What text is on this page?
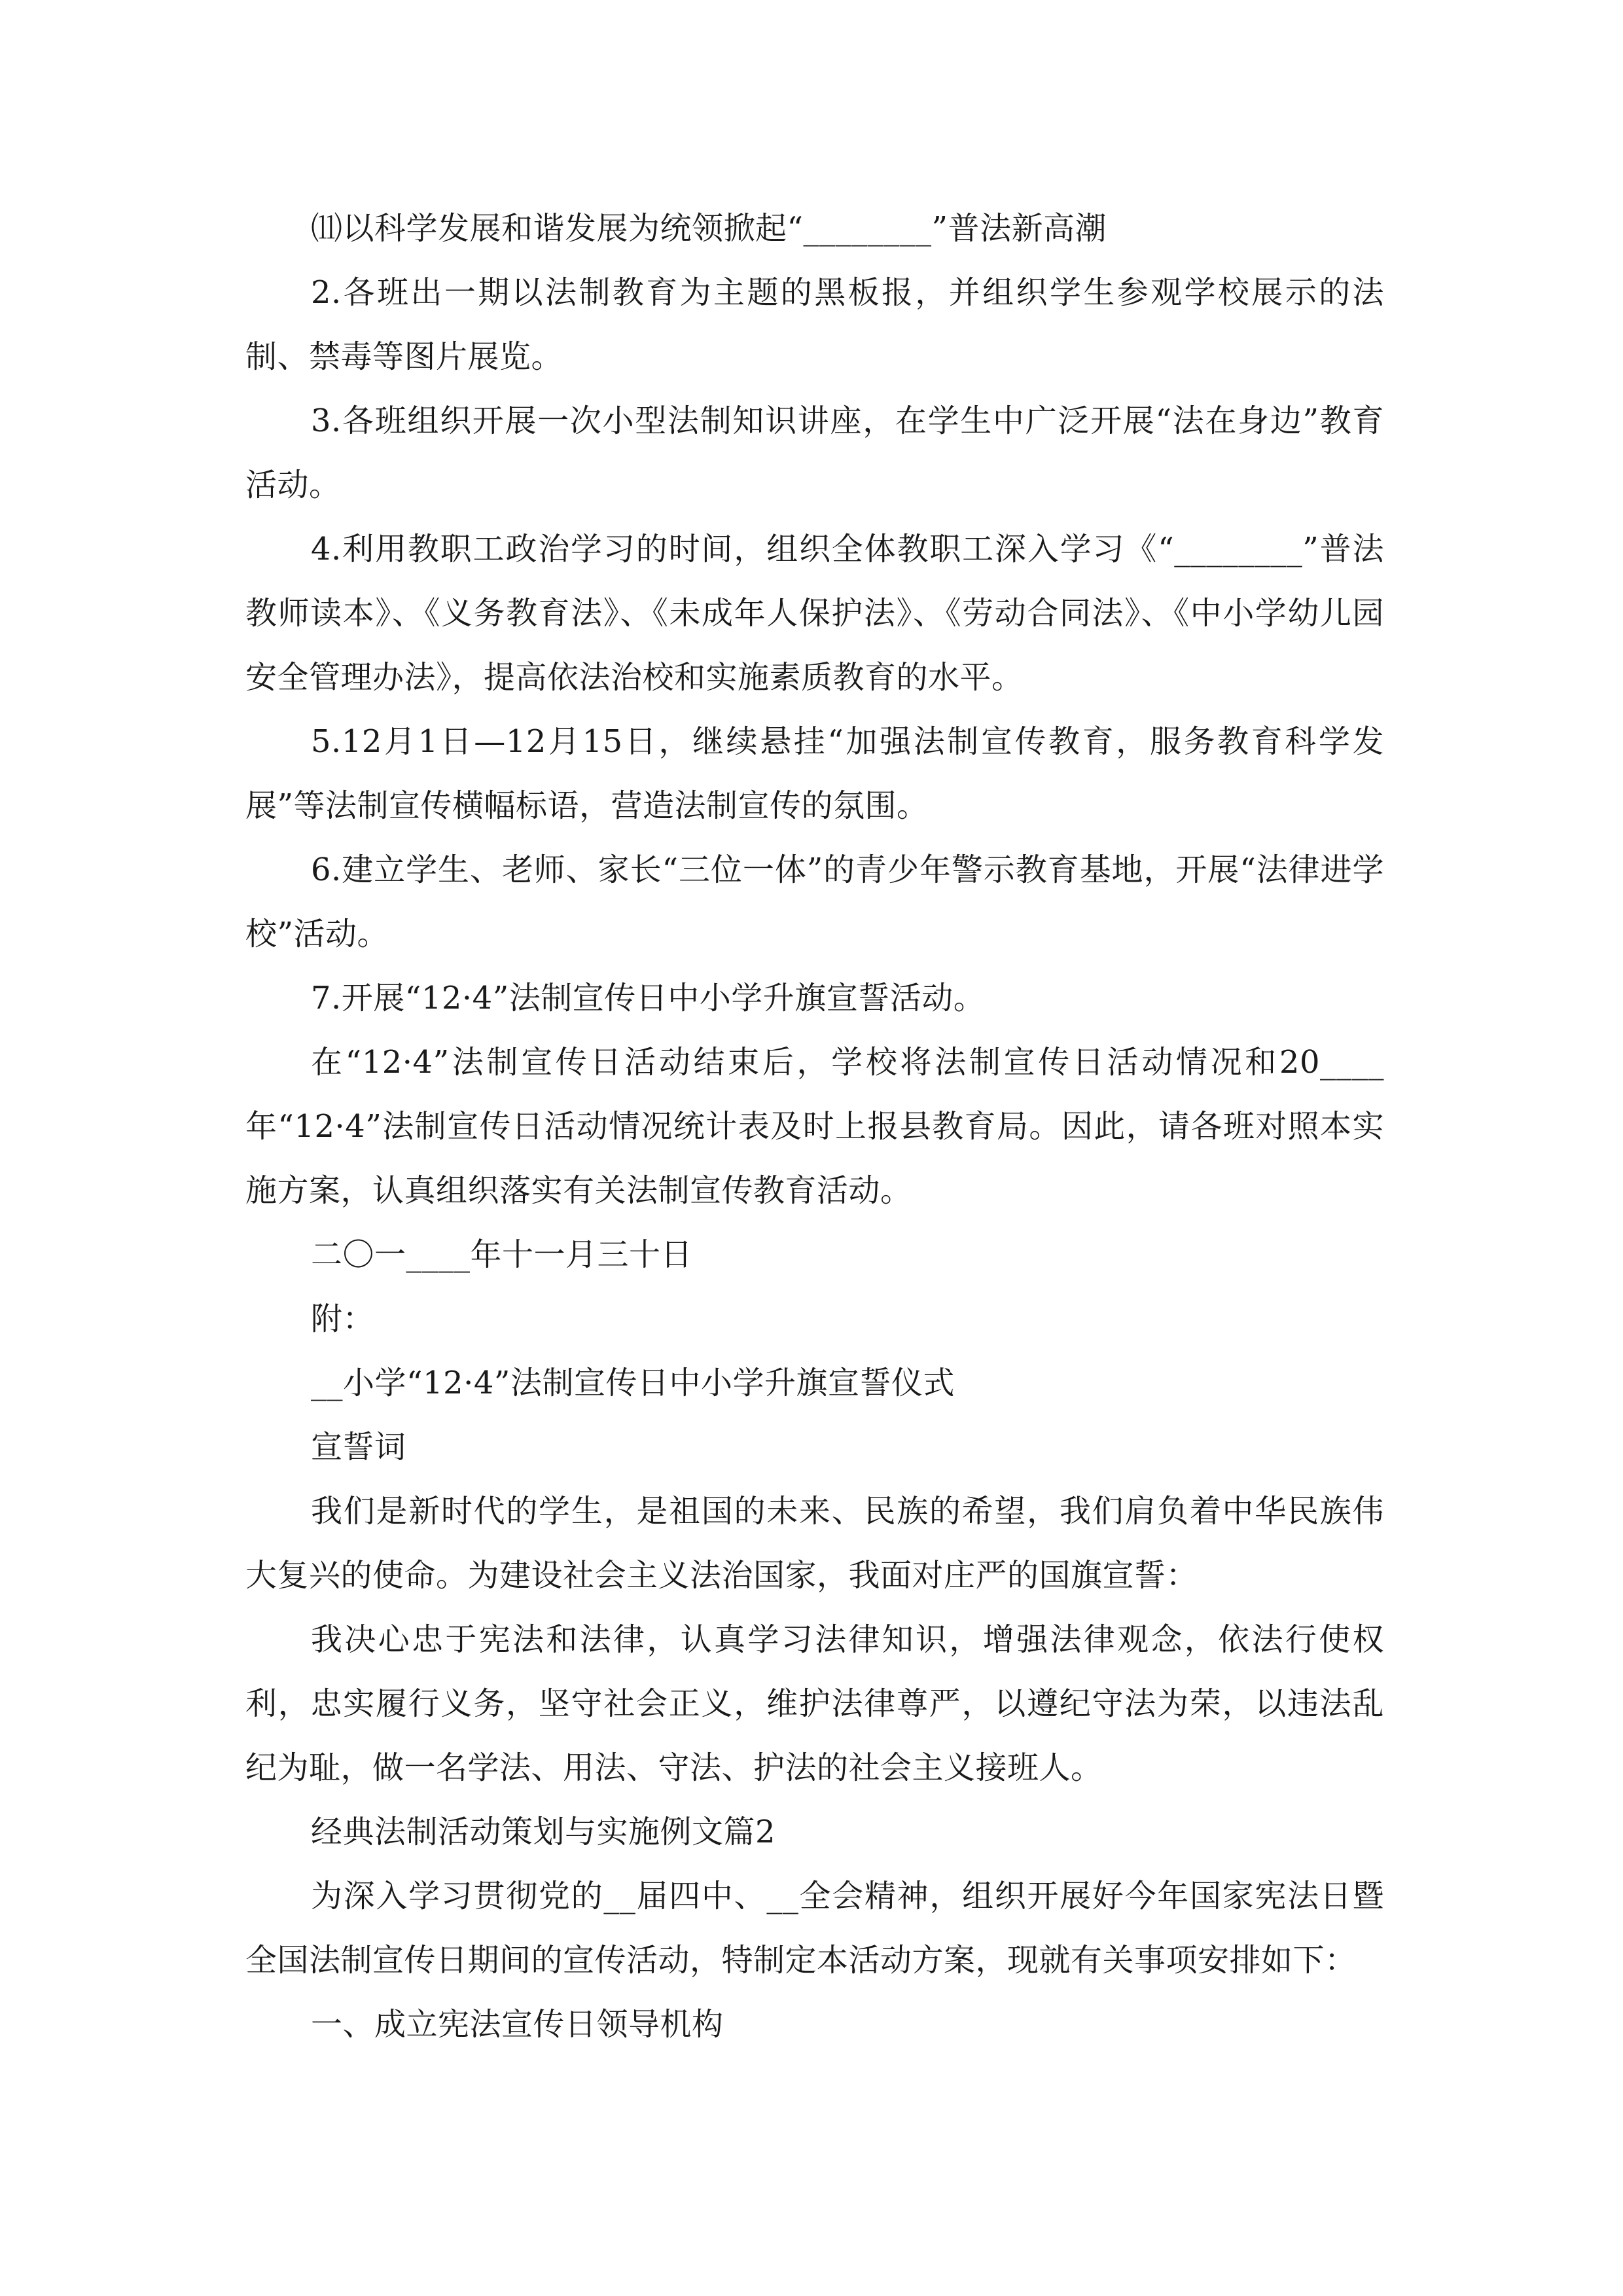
⑾以科学发展和谐发展为统领掀起“________”普法新高潮

2.各班出一期以法制教育为主题的黑板报，并组织学生参观学校展示的法制、禁毒等图片展览。

3.各班组织开展一次小型法制知识讲座，在学生中广泛开展“法在身边”教育活动。

4.利用教职工政治学习的时间，组织全体教职工深入学习《“________”普法教师读本》、《义务教育法》、《未成年人保护法》、《劳动合同法》、《中小学幼儿园安全管理办法》，提高依法治校和实施素质教育的水平。

5.12月1日—12月15日，继续悬挂“加强法制宣传教育，服务教育科学发展”等法制宣传横幅标语，营造法制宣传的氛围。

6.建立学生、老师、家长“三位一体”的青少年警示教育基地，开展“法律进学校”活动。

7.开展“12·4”法制宣传日中小学升旗宣誓活动。

在“12·4”法制宣传日活动结束后，学校将法制宣传日活动情况和20____年“12·4”法制宣传日活动情况统计表及时上报县教育局。因此，请各班对照本实施方案，认真组织落实有关法制宣传教育活动。

二〇一____年十一月三十日

附：

__小学“12·4”法制宣传日中小学升旗宣誓仪式

宣誓词

我们是新时代的学生，是祖国的未来、民族的希望，我们肩负着中华民族伟大复兴的使命。为建设社会主义法治国家，我面对庄严的国旗宣誓：

我决心忠于宪法和法律，认真学习法律知识，增强法律观念，依法行使权利，忠实履行义务，坚守社会正义，维护法律尊严，以遵纪守法为荣，以违法乱纪为耻，做一名学法、用法、守法、护法的社会主义接班人。

经典法制活动策划与实施例文篇2

为深入学习贯彻党的__届四中、__全会精神，组织开展好今年国家宪法日暨全国法制宣传日期间的宣传活动，特制定本活动方案，现就有关事项安排如下：

一、成立宪法宣传日领导机构
